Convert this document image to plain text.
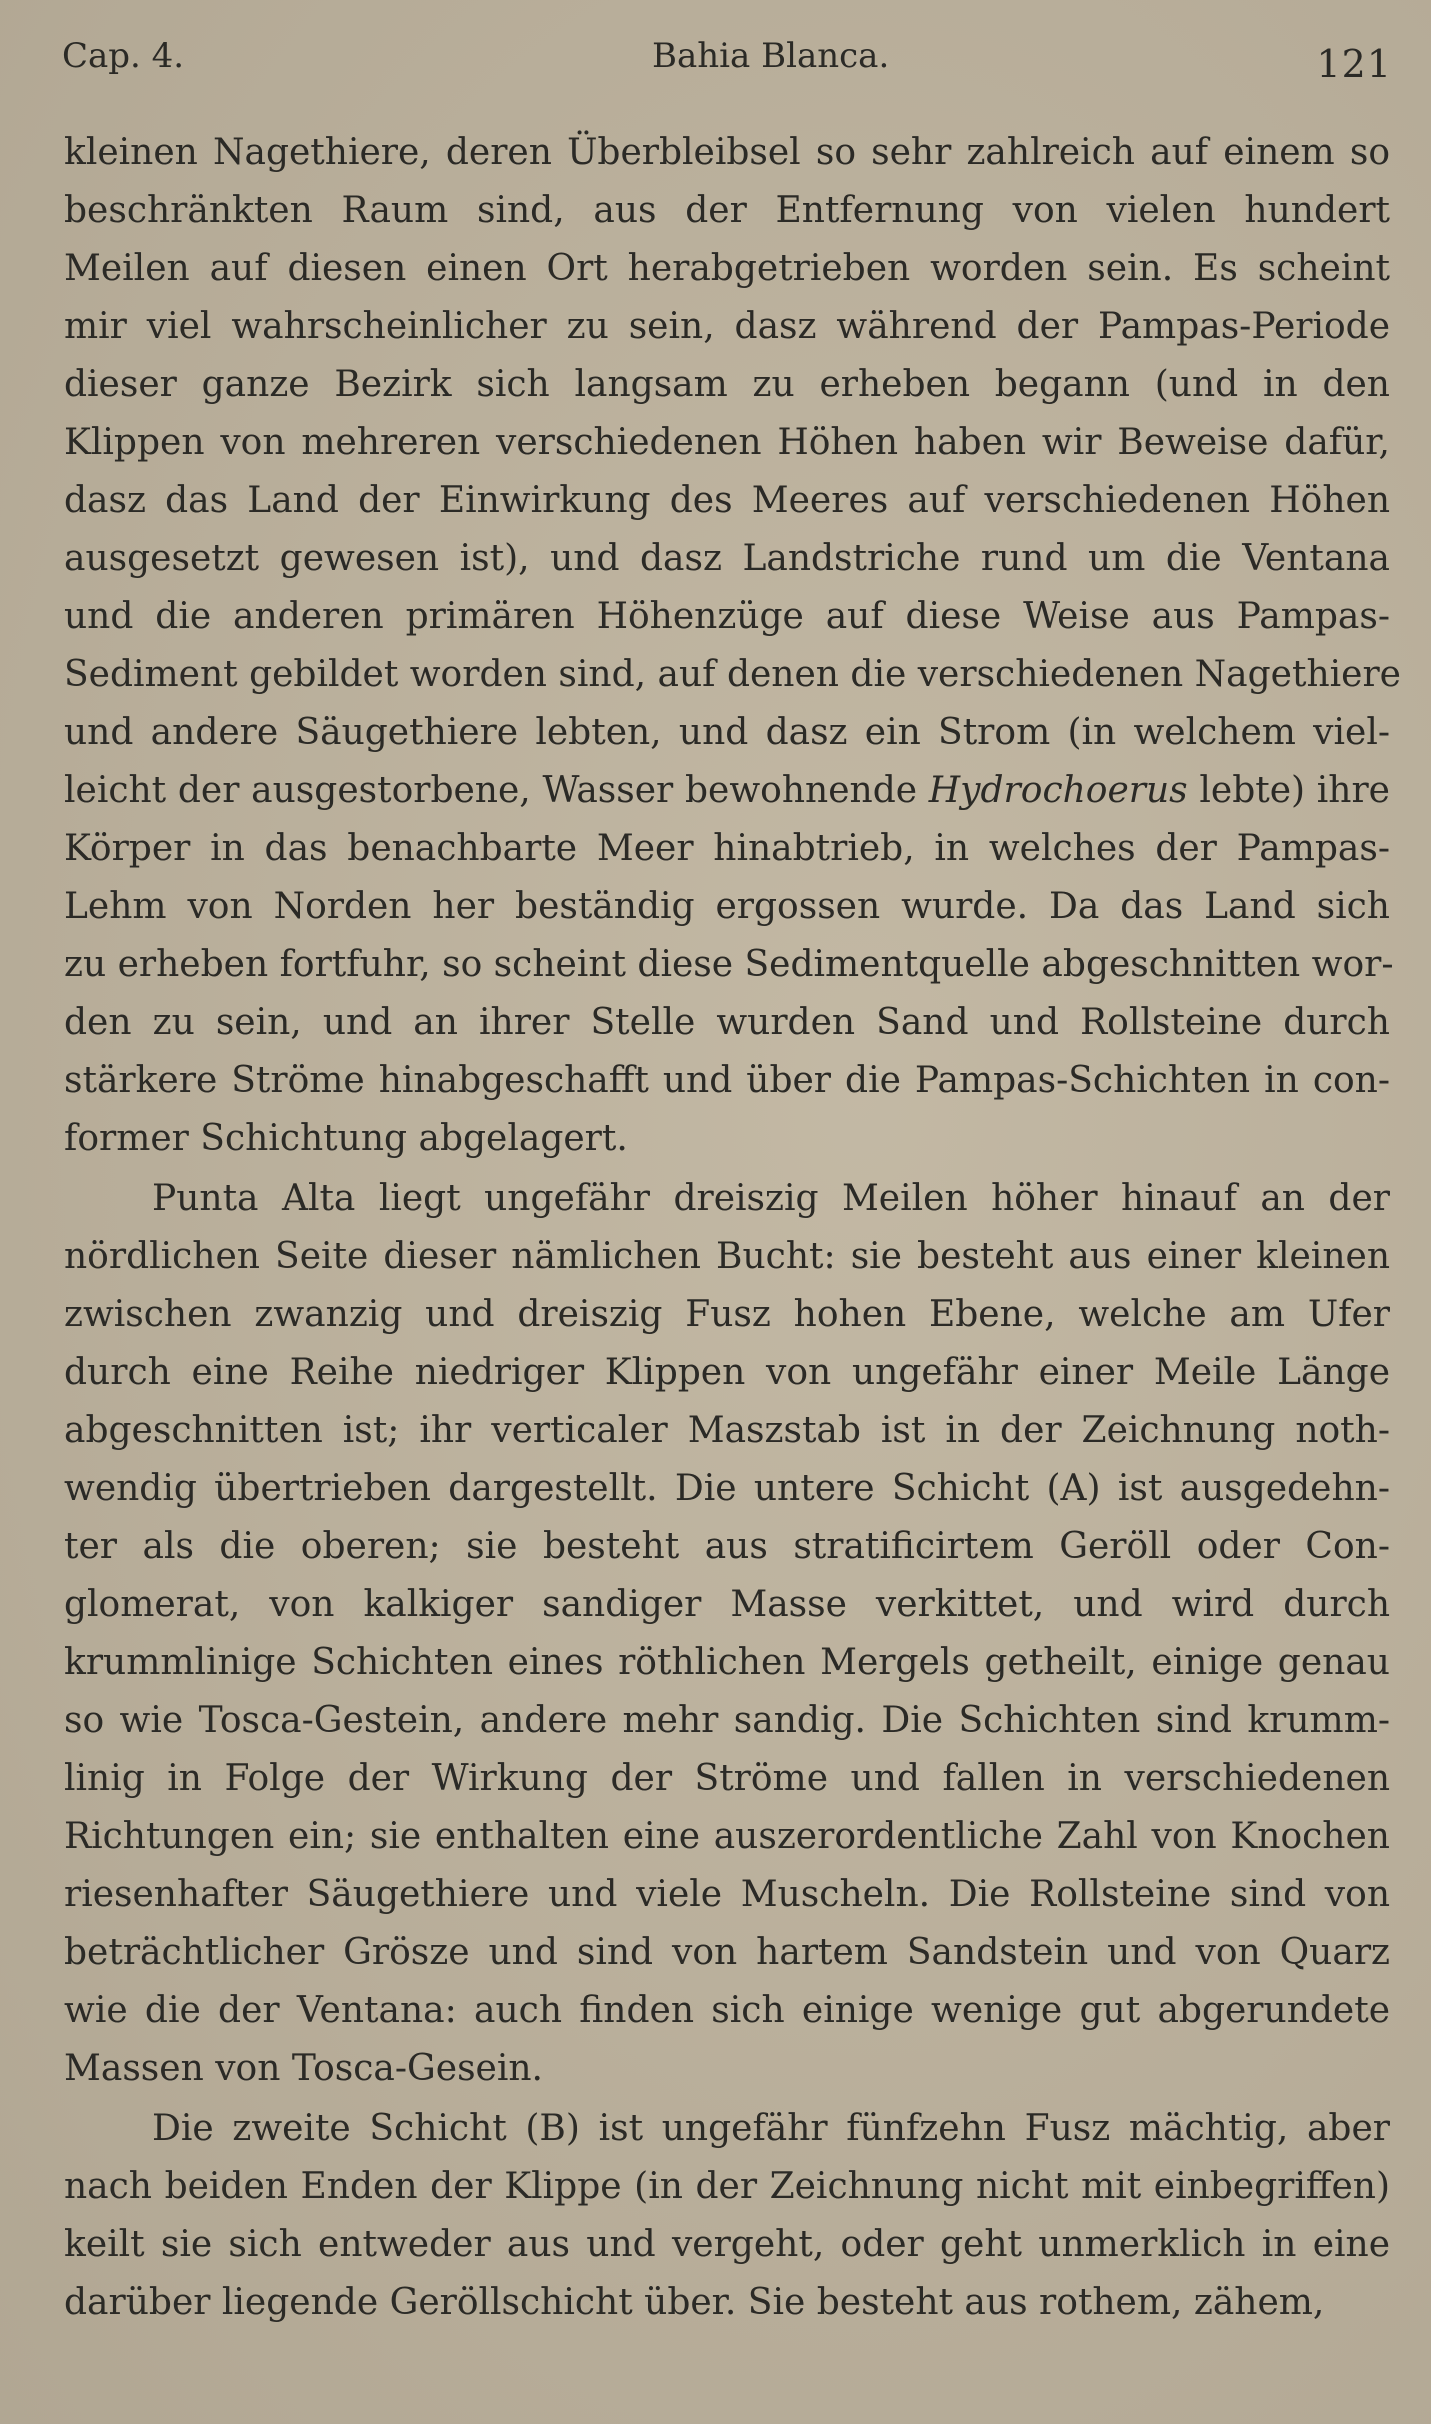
Cap. 4.	Bahia Blanca.	121
kleinen Nagethiere, deren Überbleibsel so sehr zahlreich auf einem so
beschränkten Raum sind, aus der Entfernung von vielen hundert
Meilen auf diesen einen Ort herabgetrieben worden sein. Es scheint
mir viel wahrscheinlicher zu sein, dasz während der Pampas-Periode
dieser ganze Bezirk sich langsam zu erheben begann (und in den
Klippen von mehreren verschiedenen Höhen haben wir Beweise dafür,
dasz das Land der Einwirkung des Meeres auf verschiedenen Höhen
ausgesetzt gewesen ist), und dasz Landstriche rund um die Ventana
und die anderen primären Höhenzüge auf diese Weise aus Pampas-
Sediment gebildet worden sind, auf denen die verschiedenen Nagethiere
und andere Säugethiere lebten, und dasz ein Strom (in welchem viel-
leicht der ausgestorbene, Wasser bewohnende Hydrochoerus lebte) ihre
Körper in das benachbarte Meer hinabtrieb, in welches der Pampas-
Lehm von Norden her beständig ergossen wurde. Da das Land sich
zu erheben fortfuhr, so scheint diese Sedimentquelle abgeschnitten wor-
den zu sein, und an ihrer Stelle wurden Sand und Rollsteine durch
stärkere Ströme hinabgeschafft und über die Pampas-Schichten in con-
former Schichtung abgelagert.
Punta Alta liegt ungefähr dreiszig Meilen höher hinauf an der
nördlichen Seite dieser nämlichen Bucht: sie besteht aus einer kleinen
zwischen zwanzig und dreiszig Fusz hohen Ebene, welche am Ufer
durch eine Reihe niedriger Klippen von ungefähr einer Meile Länge
abgeschnitten ist; ihr verticaler Maszstab ist in der Zeichnung noth-
wendig übertrieben dargestellt. Die untere Schicht (A) ist ausgedehn-
ter als die oberen; sie besteht aus stratificirtem Geröll oder Con-
glomerat, von kalkiger sandiger Masse verkittet, und wird durch
krummlinige Schichten eines röthlichen Mergels getheilt, einige genau
so wie Tosca-Gestein, andere mehr sandig. Die Schichten sind krumm-
linig in Folge der Wirkung der Ströme und fallen in verschiedenen
Richtungen ein; sie enthalten eine auszerordentliche Zahl von Knochen
riesenhafter Säugethiere und viele Muscheln. Die Rollsteine sind von
beträchtlicher Grösze und sind von hartem Sandstein und von Quarz
wie die der Ventana: auch finden sich einige wenige gut abgerundete
Massen von Tosca-Gesein.
Die zweite Schicht (B) ist ungefähr fünfzehn Fusz mächtig, aber
nach beiden Enden der Klippe (in der Zeichnung nicht mit einbegriffen)
keilt sie sich entweder aus und vergeht, oder geht unmerklich in eine
darüber liegende Geröllschicht über. Sie besteht aus rothem, zähem,
